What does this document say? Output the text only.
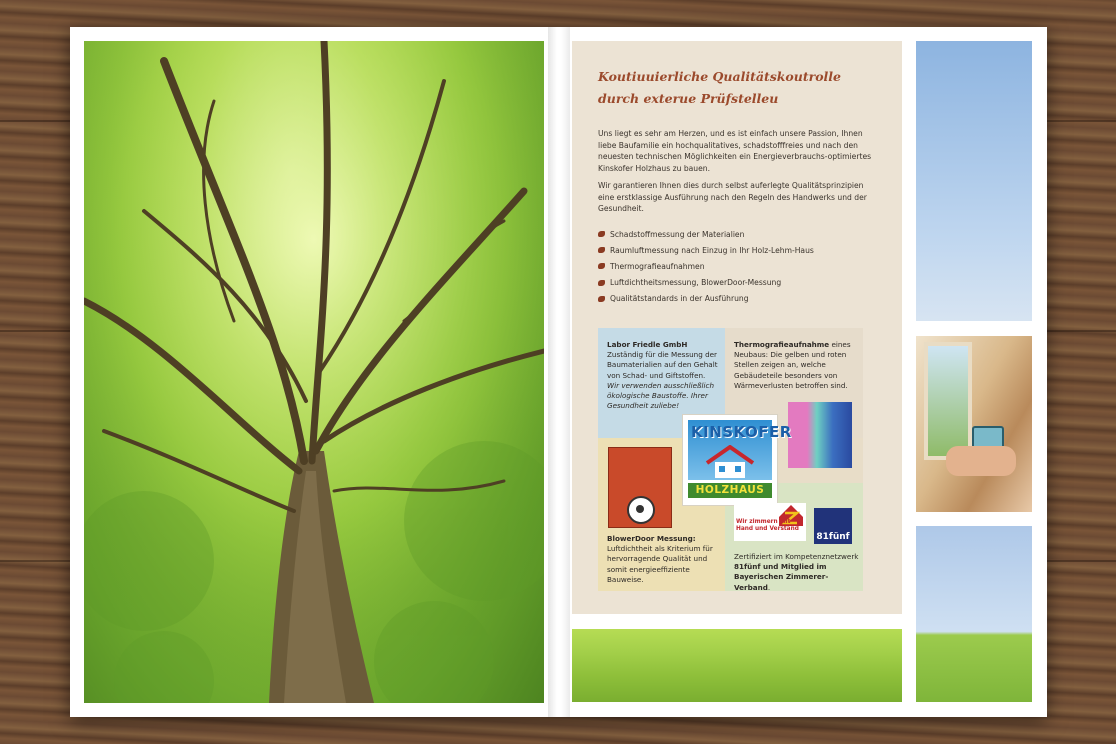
Koutiuuierliche Qualitätskoutrolle
durch exterue Prüfstelleu

Uns liegt es sehr am Herzen, und es ist einfach unsere Passion, Ihnen liebe Baufamilie ein hochqualitatives, schadstofffreies und nach den neuesten technischen Möglichkeiten ein Energieverbrauchs-optimiertes Kinskofer Holzhaus zu bauen.

Wir garantieren Ihnen dies durch selbst auferlegte Qualitätsprinzipien eine erstklassige Ausführung nach den Regeln des Handwerks und der Gesundheit.

Schadstoffmessung der Materialien
Raumluftmessung nach Einzug in Ihr Holz-Lehm-Haus
Thermografieaufnahmen
Luftdichtheitsmessung, BlowerDoor-Messung
Qualitätstandards in der Ausführung
Labor Friedle GmbH
Zuständig für die Messung der Baumaterialien auf den Gehalt von Schad- und Giftstoffen.
Wir verwenden ausschließlich ökologische Baustoffe. Ihrer Gesundheit zuliebe!
Thermografieaufnahme eines Neubaus: Die gelben und roten Stellen zeigen an, welche Gebäudeteile besonders von Wärmeverlusten betroffen sind.
KINSKOFER
HOLZHAUS
BlowerDoor Messung:
Luftdichtheit als Kriterium für hervorragende Qualität und somit energieeffiziente Bauweise.
Wir zimmern mit Hand und Verstand
81fünf
Zertifiziert im Kompetenznetzwerk 81fünf und Mitglied im Bayerischen Zimmerer-Verband.
